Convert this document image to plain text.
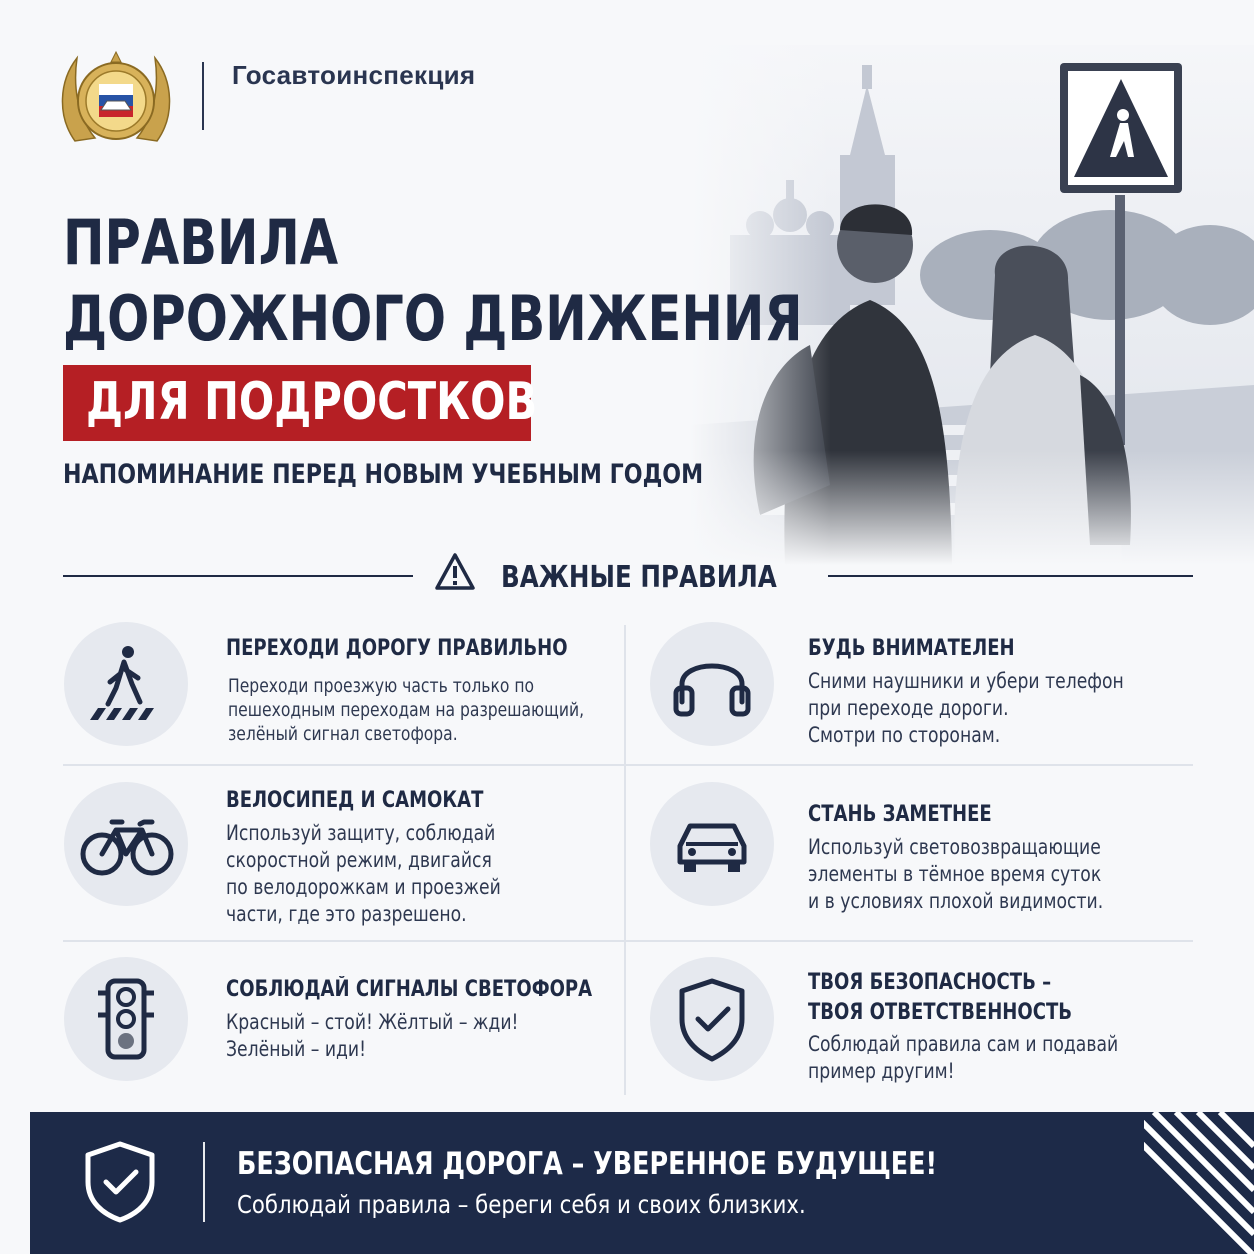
Госавтоинспекция
ПРАВИЛА
ДОРОЖНОГО ДВИЖЕНИЯ
ДЛЯ ПОДРОСТКОВ
НАПОМИНАНИЕ ПЕРЕД НОВЫМ УЧЕБНЫМ ГОДОМ
ВАЖНЫЕ ПРАВИЛА
ПЕРЕХОДИ ДОРОГУ ПРАВИЛЬНО
Переходи проезжую часть только по
пешеходным переходам на разрешающий,
зелёный сигнал светофора.
БУДЬ ВНИМАТЕЛЕН
Сними наушники и убери телефон
при переходе дороги.
Смотри по сторонам.
ВЕЛОСИПЕД И САМОКАТ
Используй защиту, соблюдай
скоростной режим, двигайся
по велодорожкам и проезжей
части, где это разрешено.
СТАНЬ ЗАМЕТНЕЕ
Используй световозвращающие
элементы в тёмное время суток
и в условиях плохой видимости.
СОБЛЮДАЙ СИГНАЛЫ СВЕТОФОРА
Красный – стой! Жёлтый – жди!
Зелёный – иди!
ТВОЯ БЕЗОПАСНОСТЬ –
ТВОЯ ОТВЕТСТВЕННОСТЬ
Соблюдай правила сам и подавай
пример другим!
БЕЗОПАСНАЯ ДОРОГА – УВЕРЕННОЕ БУДУЩЕЕ!
Соблюдай правила – береги себя и своих близких.
